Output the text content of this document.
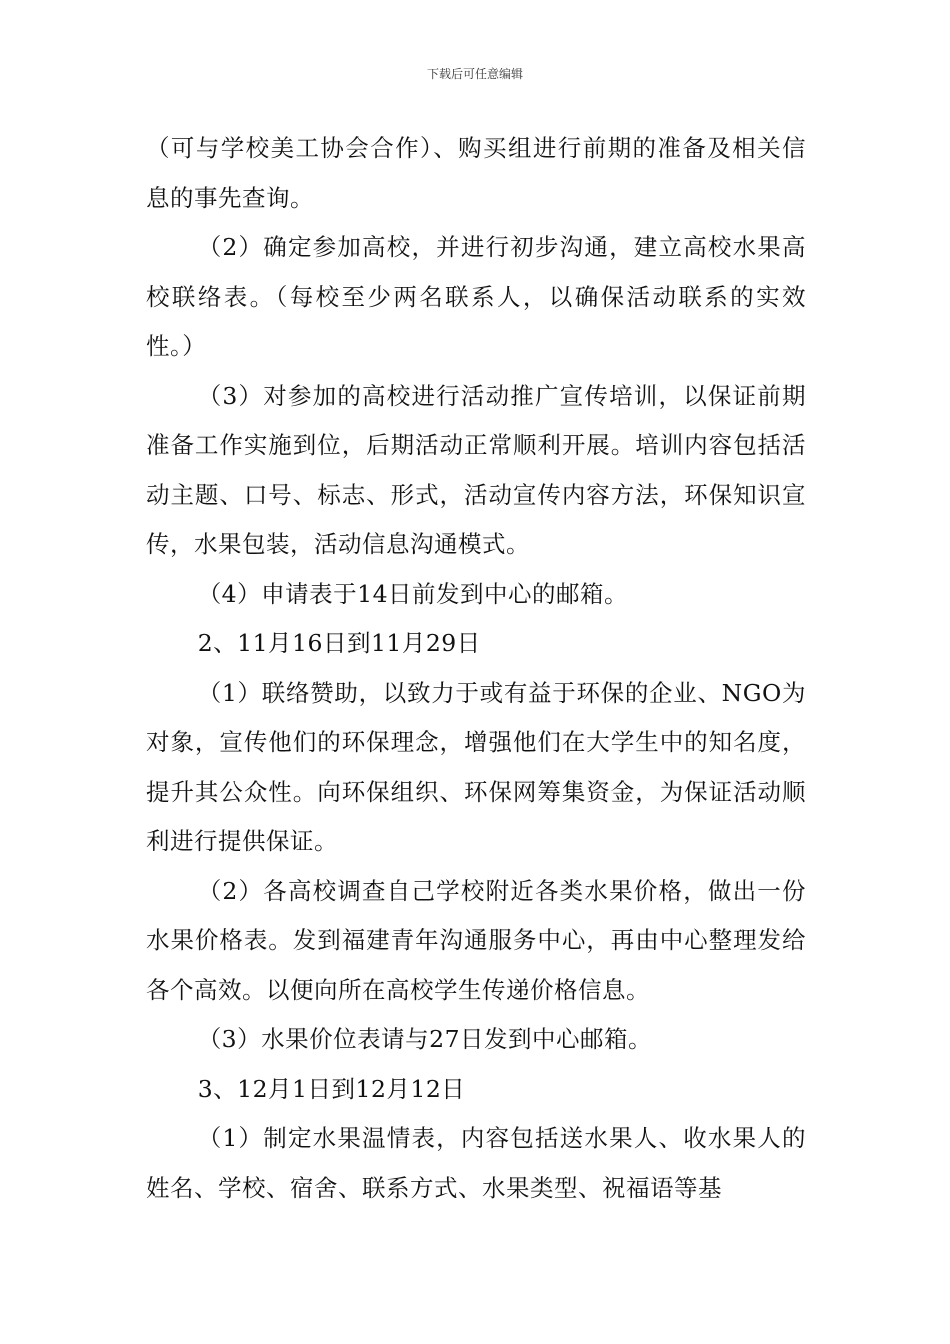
下载后可任意编辑

（可与学校美工协会合作）、购买组进行前期的准备及相关信息的事先查询。

（2）确定参加高校，并进行初步沟通，建立高校水果高校联络表。（每校至少两名联系人，以确保活动联系的实效性。）

（3）对参加的高校进行活动推广宣传培训，以保证前期准备工作实施到位，后期活动正常顺利开展。培训内容包括活动主题、口号、标志、形式，活动宣传内容方法，环保知识宣传，水果包装，活动信息沟通模式。

（4）申请表于14日前发到中心的邮箱。

2、11月16日到11月29日

（1）联络赞助，以致力于或有益于环保的企业、NGO为对象，宣传他们的环保理念，增强他们在大学生中的知名度，提升其公众性。向环保组织、环保网筹集资金，为保证活动顺利进行提供保证。

（2）各高校调查自己学校附近各类水果价格，做出一份水果价格表。发到福建青年沟通服务中心，再由中心整理发给各个高效。以便向所在高校学生传递价格信息。

（3）水果价位表请与27日发到中心邮箱。

3、12月1日到12月12日

（1）制定水果温情表，内容包括送水果人、收水果人的姓名、学校、宿舍、联系方式、水果类型、祝福语等基
